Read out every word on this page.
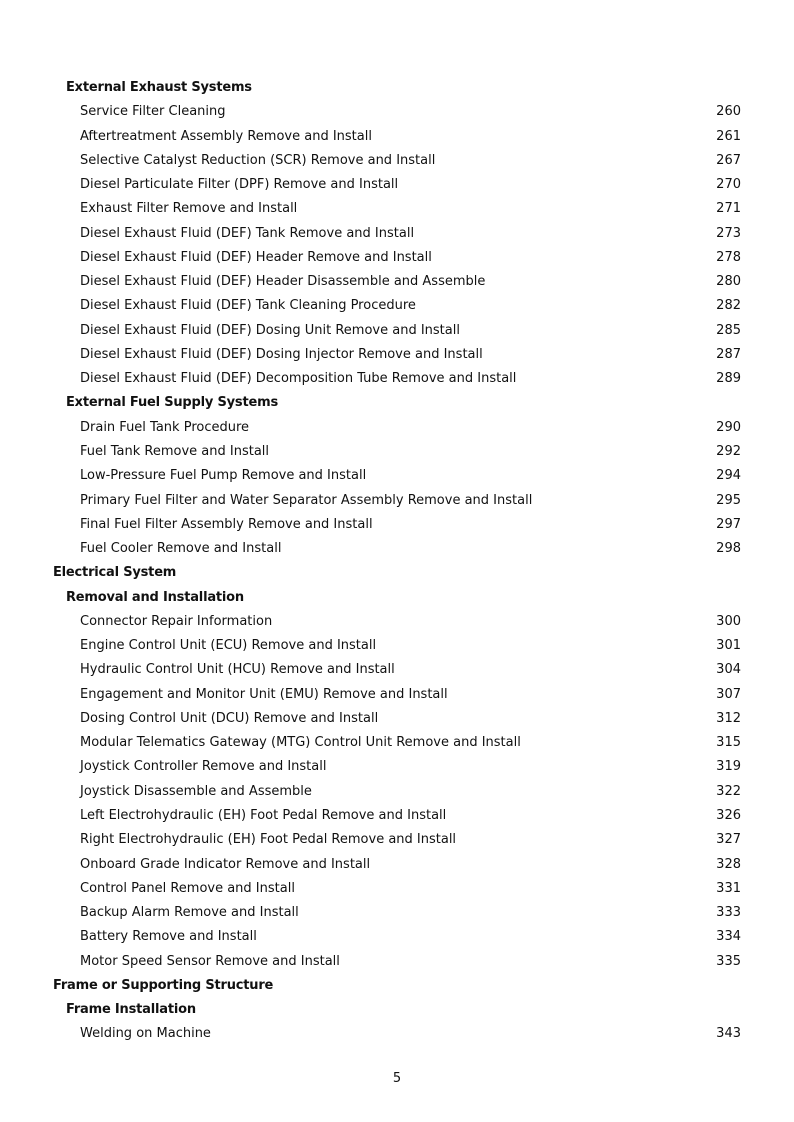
External Exhaust Systems
Service Filter Cleaning	260
Aftertreatment Assembly Remove and Install	261
Selective Catalyst Reduction (SCR) Remove and Install	267
Diesel Particulate Filter (DPF) Remove and Install	270
Exhaust Filter Remove and Install	271
Diesel Exhaust Fluid (DEF) Tank Remove and Install	273
Diesel Exhaust Fluid (DEF) Header Remove and Install	278
Diesel Exhaust Fluid (DEF) Header Disassemble and Assemble	280
Diesel Exhaust Fluid (DEF) Tank Cleaning Procedure	282
Diesel Exhaust Fluid (DEF) Dosing Unit Remove and Install	285
Diesel Exhaust Fluid (DEF) Dosing Injector Remove and Install	287
Diesel Exhaust Fluid (DEF) Decomposition Tube Remove and Install	289
External Fuel Supply Systems
Drain Fuel Tank Procedure	290
Fuel Tank Remove and Install	292
Low-Pressure Fuel Pump Remove and Install	294
Primary Fuel Filter and Water Separator Assembly Remove and Install	295
Final Fuel Filter Assembly Remove and Install	297
Fuel Cooler Remove and Install	298
Electrical System
Removal and Installation
Connector Repair Information	300
Engine Control Unit (ECU) Remove and Install	301
Hydraulic Control Unit (HCU) Remove and Install	304
Engagement and Monitor Unit (EMU) Remove and Install	307
Dosing Control Unit (DCU) Remove and Install	312
Modular Telematics Gateway (MTG) Control Unit Remove and Install	315
Joystick Controller Remove and Install	319
Joystick Disassemble and Assemble	322
Left Electrohydraulic (EH) Foot Pedal Remove and Install	326
Right Electrohydraulic (EH) Foot Pedal Remove and Install	327
Onboard Grade Indicator Remove and Install	328
Control Panel Remove and Install	331
Backup Alarm Remove and Install	333
Battery Remove and Install	334
Motor Speed Sensor Remove and Install	335
Frame or Supporting Structure
Frame Installation
Welding on Machine	343
5
